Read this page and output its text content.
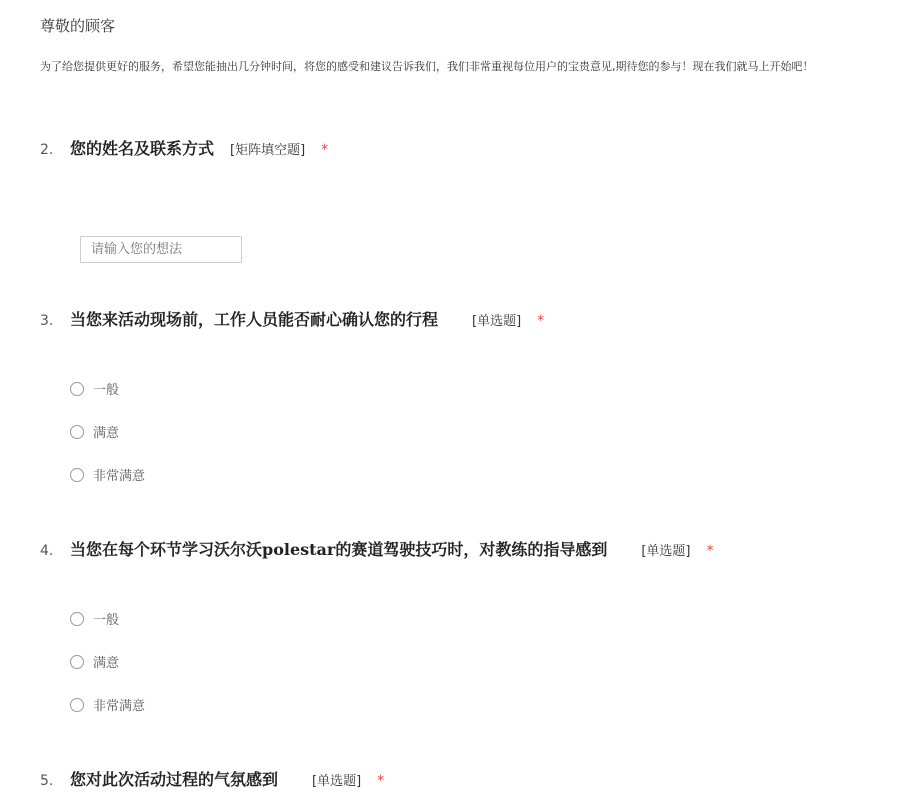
尊敬的顾客
为了给您提供更好的服务，希望您能抽出几分钟时间，将您的感受和建议告诉我们，我们非常重视每位用户的宝贵意见,期待您的参与！现在我们就马上开始吧！
2.	您的姓名及联系方式 [矩阵填空题] *
请输入您的想法
3.	当您来活动现场前，工作人员能否耐心确认您的行程	[单选题] *
一般
满意
非常满意
4.	当您在每个环节学习沃尔沃polestar的赛道驾驶技巧时，对教练的指导感到	[单选题] *
一般
满意
非常满意
5.	您对此次活动过程的气氛感到	[单选题] *
